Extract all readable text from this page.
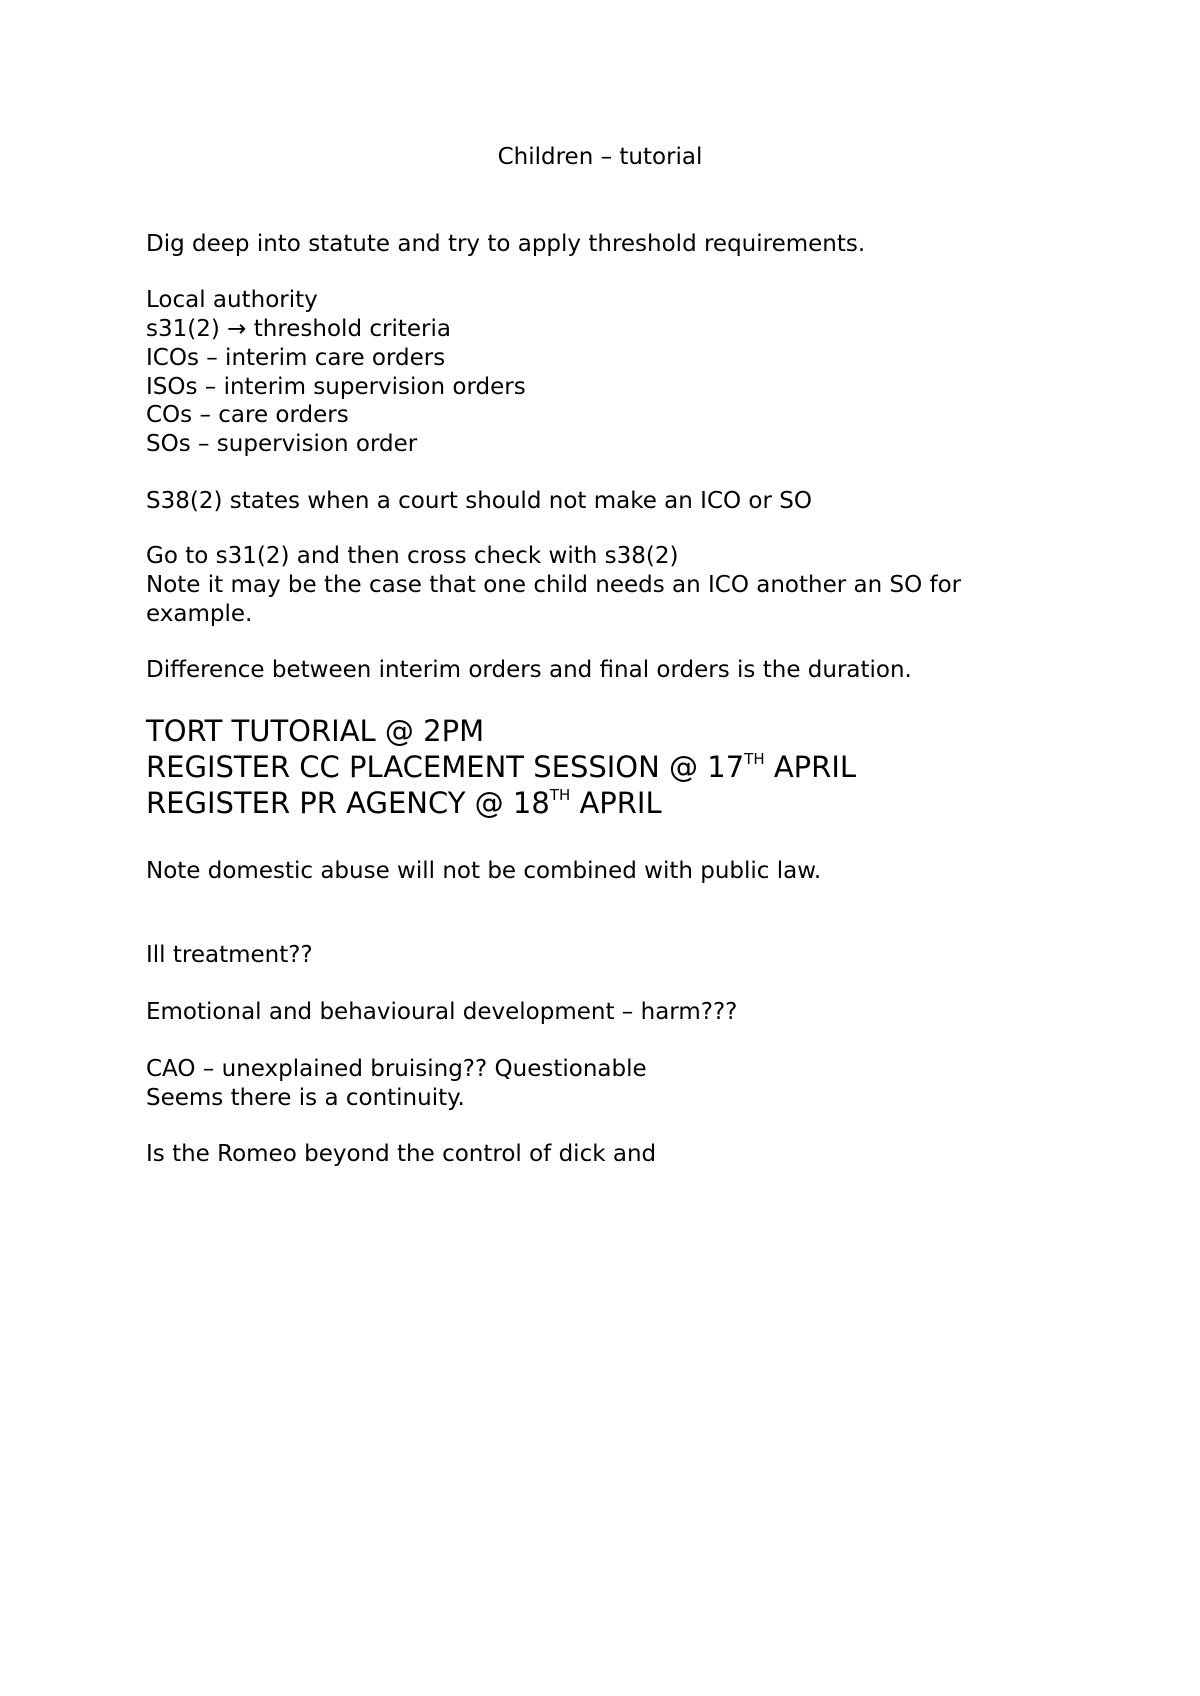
Children – tutorial

Dig deep into statute and try to apply threshold requirements.

Local authority

s31(2) → threshold criteria

ICOs – interim care orders

ISOs – interim supervision orders

COs – care orders

SOs – supervision order

S38(2) states when a court should not make an ICO or SO

Go to s31(2) and then cross check with s38(2)

Note it may be the case that one child needs an ICO another an SO for

example.

Difference between interim orders and final orders is the duration.

TORT TUTORIAL @ 2PM

REGISTER CC PLACEMENT SESSION @ 17TH APRIL

REGISTER PR AGENCY @ 18TH APRIL

Note domestic abuse will not be combined with public law.

Ill treatment??

Emotional and behavioural development – harm???

CAO – unexplained bruising?? Questionable

Seems there is a continuity.

Is the Romeo beyond the control of dick and
